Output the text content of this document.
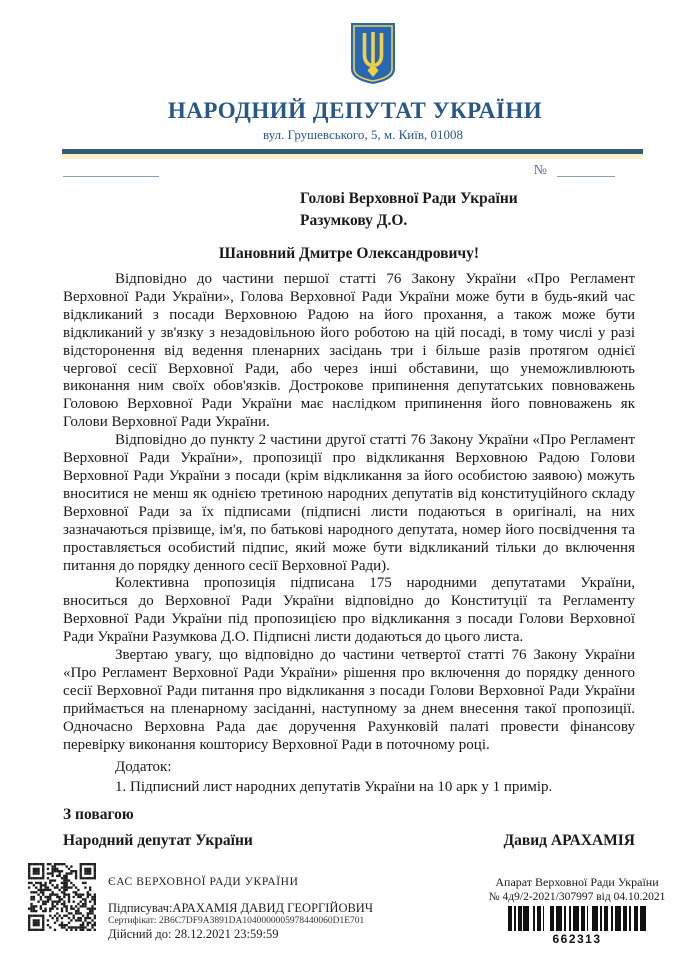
НАРОДНИЙ ДЕПУТАТ УКРАЇНИ
вул. Грушевського, 5, м. Київ, 01008
№
Голові Верховної Ради України
Разумкову Д.О.
Шановний Дмитре Олександровичу!

Відповідно до частини першої статті 76 Закону України «Про Регламент Верховної Ради України», Голова Верховної Ради України може бути в будь-який час відкликаний з посади Верховною Радою на його прохання, а також може бути відкликаний у зв'язку з незадовільною його роботою на цій посаді, в тому числі у разі відсторонення від ведення пленарних засідань три і більше разів протягом однієї чергової сесії Верховної Ради, або через інші обставини, що унеможливлюють виконання ним своїх обов'язків. Дострокове припинення депутатських повноважень Головою Верховної Ради України має наслідком припинення його повноважень як Голови Верховної Ради України.

Відповідно до пункту 2 частини другої статті 76 Закону України «Про Регламент Верховної Ради України», пропозиції про відкликання Верховною Радою Голови Верховної Ради України з посади (крім відкликання за його особистою заявою) можуть вноситися не менш як однією третиною народних депутатів від конституційного складу Верховної Ради за їх підписами (підписні листи подаються в оригіналі, на них зазначаються прізвище, ім'я, по батькові народного депутата, номер його посвідчення та проставляється особистий підпис, який може бути відкликаний тільки до включення питання до порядку денного сесії Верховної Ради).

Колективна пропозиція підписана 175 народними депутатами України, вноситься до Верховної Ради України відповідно до Конституції та Регламенту Верховної Ради України під пропозицією про відкликання з посади Голови Верховної Ради України Разумкова Д.О. Підписні листи додаються до цього листа.

Звертаю увагу, що відповідно до частини четвертої статті 76 Закону України «Про Регламент Верховної Ради України» рішення про включення до порядку денного сесії Верховної Ради питання про відкликання з посади Голови Верховної Ради України приймається на пленарному засіданні, наступному за днем внесення такої пропозиції. Одночасно Верховна Рада дає доручення Рахунковій палаті провести фінансову перевірку виконання кошторису Верховної Ради в поточному році.

Додаток:
1. Підписний лист народних депутатів України на 10 арк у 1 примір.
З повагою
Народний депутат України	Давид АРАХАМІЯ
ЄАС ВЕРХОВНОЇ РАДИ УКРАЇНИ
Підписувач:АРАХАМІЯ ДАВИД ГЕОРГІЙОВИЧ
Сертифікат: 2B6C7DF9A3891DA1040000005978440060D1E701
Дійсний до: 28.12.2021 23:59:59
Апарат Верховної Ради України
№ 4д9/2-2021/307997 від 04.10.2021
662313
